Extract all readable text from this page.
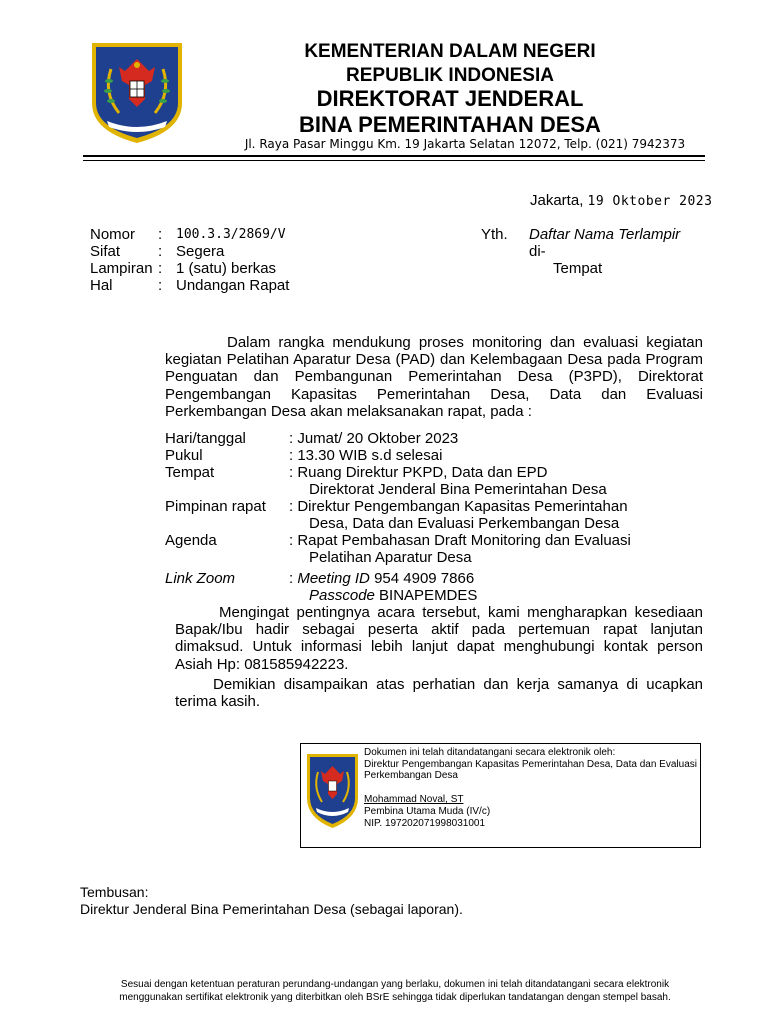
KEMENTERIAN DALAM NEGERI
REPUBLIK INDONESIA
DIREKTORAT JENDERAL
BINA PEMERINTAHAN DESA
Jl. Raya Pasar Minggu Km. 19 Jakarta Selatan 12072, Telp. (021) 7942373
Jakarta, 19 Oktober 2023
Nomor	:	100.3.3/2869/V
Sifat	: Segera
Lampiran : 1 (satu) berkas
Hal	: Undangan Rapat
Yth.	Daftar Nama Terlampir
di-
Tempat
Dalam rangka mendukung proses monitoring dan evaluasi kegiatan kegiatan Pelatihan Aparatur Desa (PAD) dan Kelembagaan Desa pada Program Penguatan dan Pembangunan Pemerintahan Desa (P3PD), Direktorat Pengembangan Kapasitas Pemerintahan Desa, Data dan Evaluasi Perkembangan Desa akan melaksanakan rapat, pada :
Hari/tanggal	: Jumat/ 20 Oktober 2023
Pukul	: 13.30 WIB s.d selesai
Tempat	: Ruang Direktur PKPD, Data dan EPD
Direktorat Jenderal Bina Pemerintahan Desa
Pimpinan rapat	: Direktur Pengembangan Kapasitas Pemerintahan
Desa, Data dan Evaluasi Perkembangan Desa
Agenda	: Rapat Pembahasan Draft Monitoring dan Evaluasi
Pelatihan Aparatur Desa
Link Zoom	: Meeting ID 954 4909 7866
Passcode BINAPEMDES
Mengingat pentingnya acara tersebut, kami mengharapkan kesediaan Bapak/Ibu hadir sebagai peserta aktif pada pertemuan rapat lanjutan dimaksud. Untuk informasi lebih lanjut dapat menghubungi kontak person Asiah Hp: 081585942223.
Demikian disampaikan atas perhatian dan kerja samanya di ucapkan terima kasih.
Dokumen ini telah ditandatangani secara elektronik oleh:
Direktur Pengembangan Kapasitas Pemerintahan Desa, Data dan Evaluasi Perkembangan Desa
Mohammad Noval, ST
Pembina Utama Muda (IV/c)
NIP. 197202071998031001
Tembusan:
Direktur Jenderal Bina Pemerintahan Desa (sebagai laporan).
Sesuai dengan ketentuan peraturan perundang-undangan yang berlaku, dokumen ini telah ditandatangani secara elektronik menggunakan sertifikat elektronik yang diterbitkan oleh BSrE sehingga tidak diperlukan tandatangan dengan stempel basah.
